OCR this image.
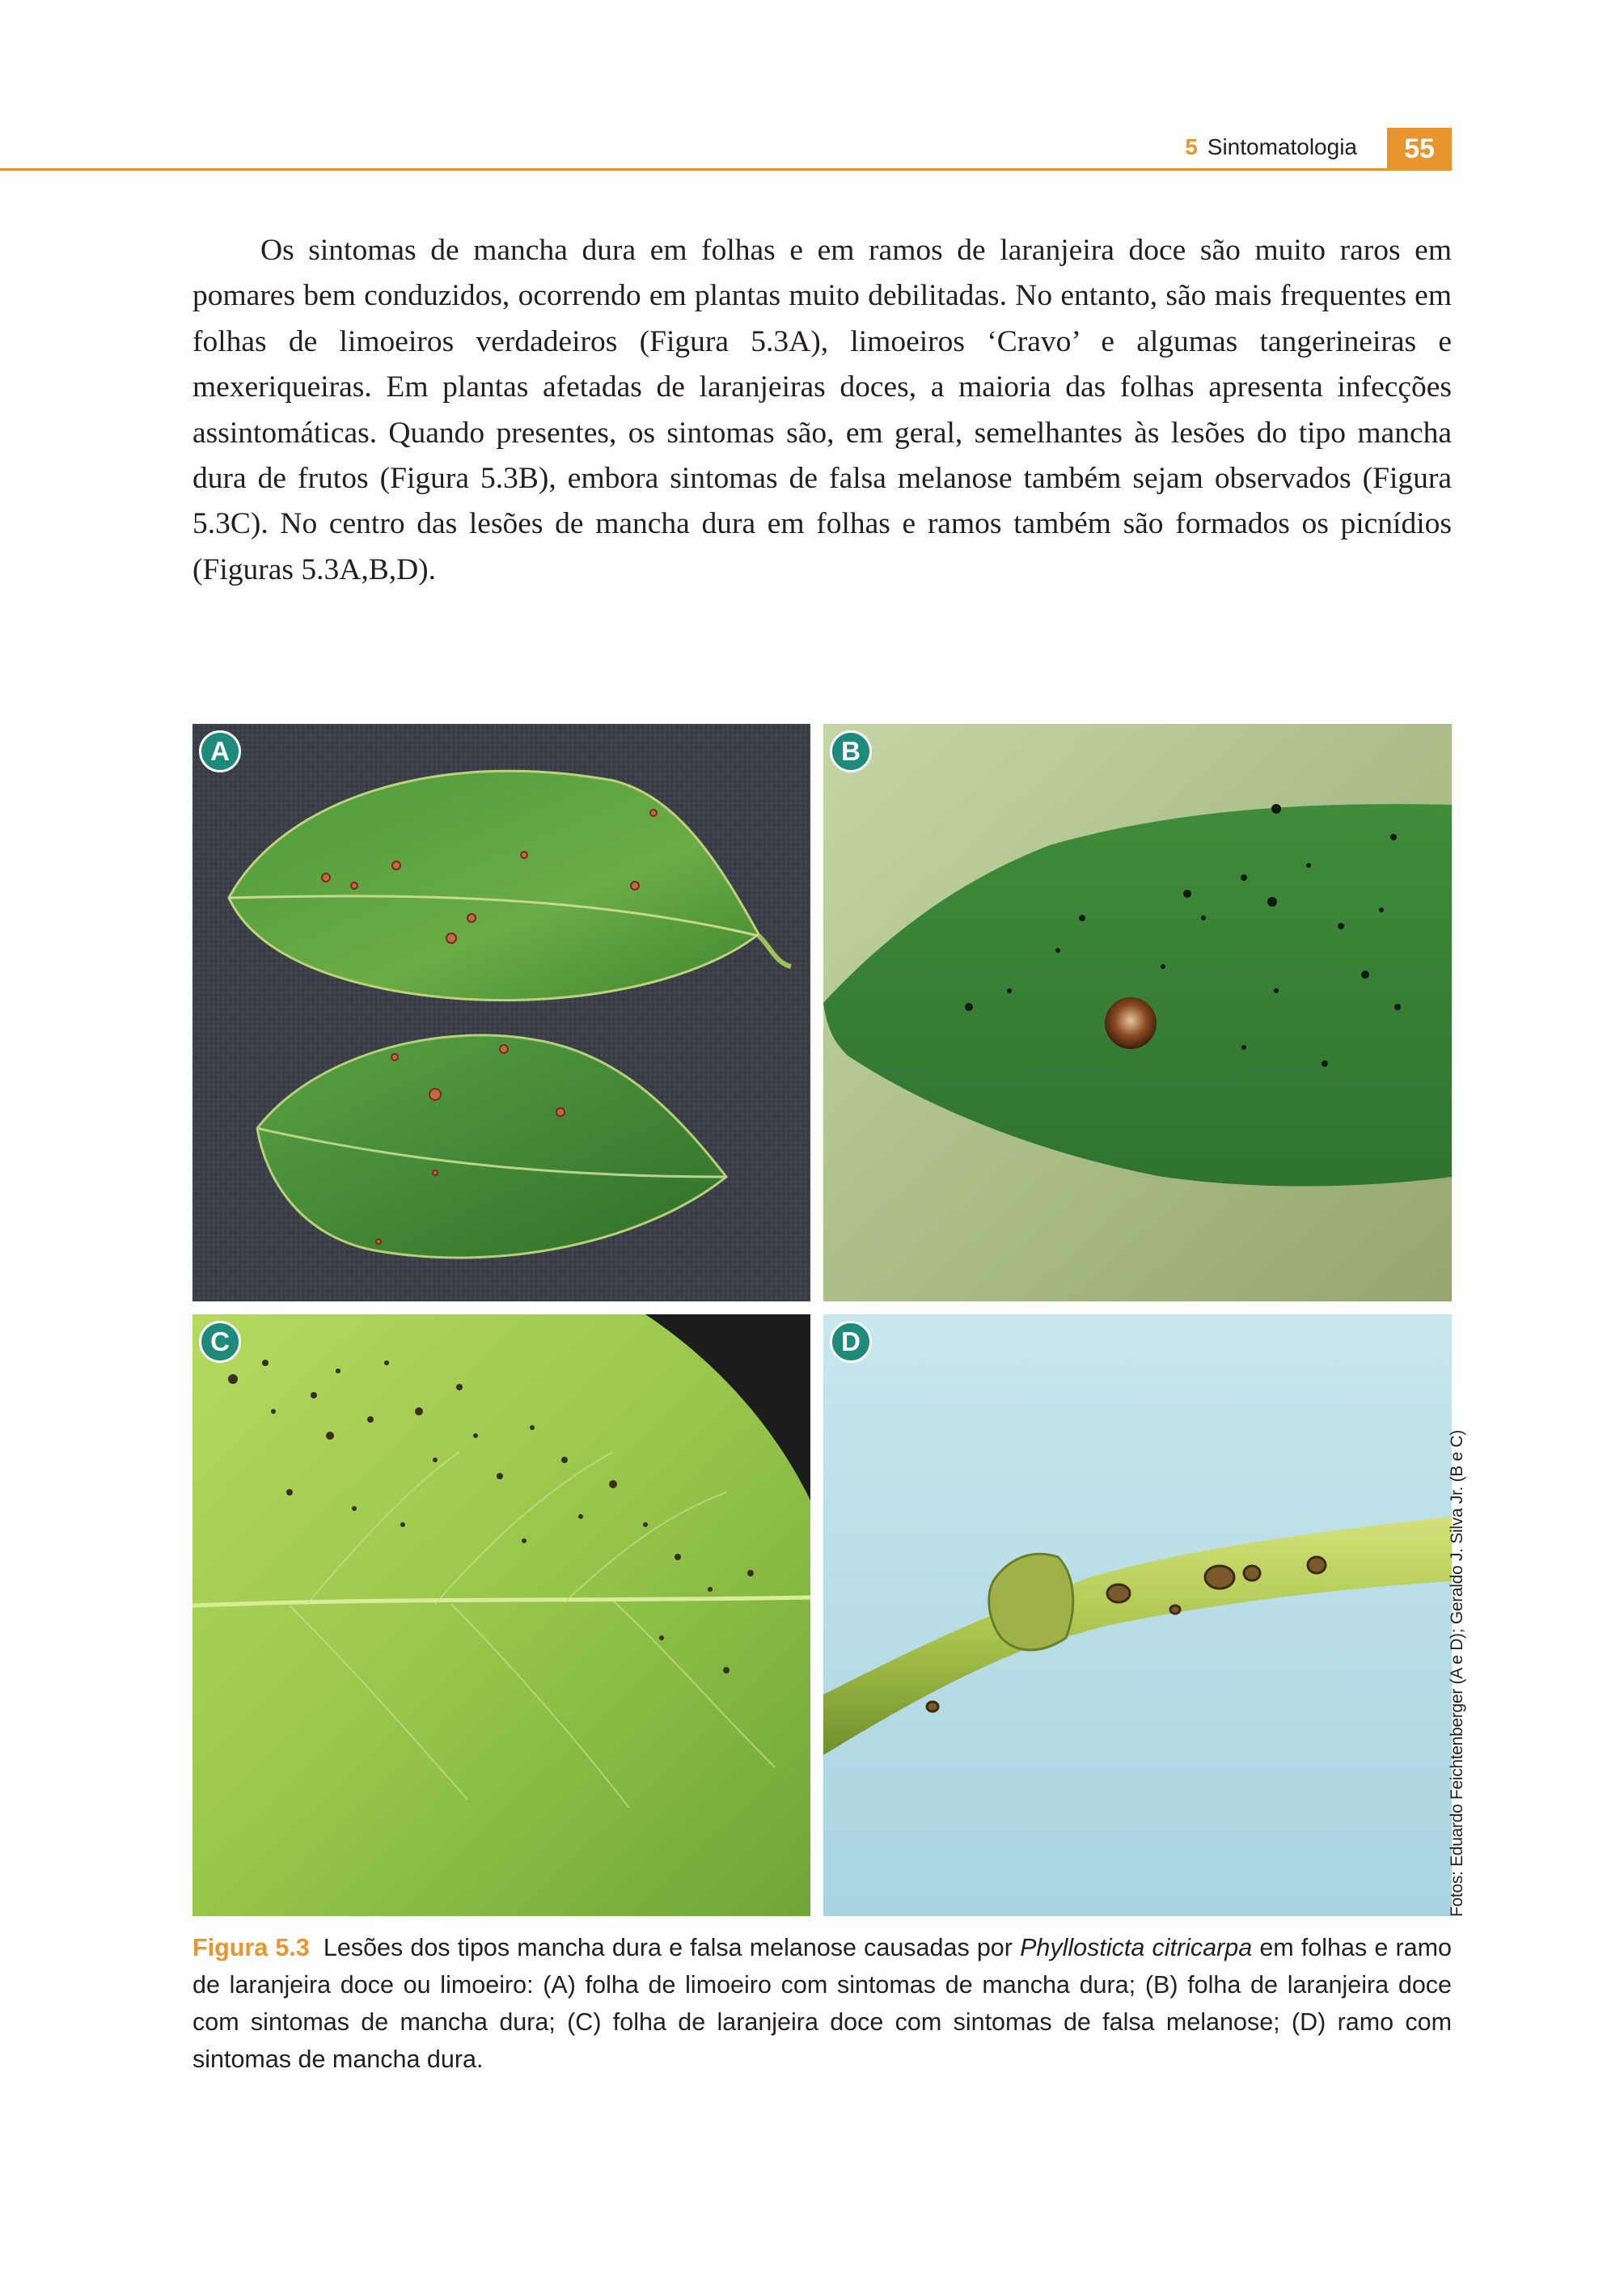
5 Sintomatologia	55

Os sintomas de mancha dura em folhas e em ramos de laranjeira doce são muito raros em pomares bem conduzidos, ocorrendo em plantas muito debilitadas. No entanto, são mais frequentes em folhas de limoeiros verdadeiros (Figura 5.3A), limoeiros ‘Cravo’ e algumas tangerineiras e mexeriqueiras. Em plantas afetadas de laranjeiras doces, a maioria das folhas apresenta infecções assintomáticas. Quando presentes, os sintomas são, em geral, semelhantes às lesões do tipo mancha dura de frutos (Figura 5.3B), embora sintomas de falsa melanose também sejam observados (Figura 5.3C). No centro das lesões de mancha dura em folhas e ramos também são formados os picnídios (Figuras 5.3A,B,D).

A	B
C	D
Fotos: Eduardo Feichtenberger (A e D); Geraldo J. Silva Jr. (B e C)
Figura 5.3 Lesões dos tipos mancha dura e falsa melanose causadas por Phyllosticta citricarpa em folhas e ramo de laranjeira doce ou limoeiro: (A) folha de limoeiro com sintomas de mancha dura; (B) folha de laranjeira doce com sintomas de mancha dura; (C) folha de laranjeira doce com sintomas de falsa melanose; (D) ramo com sintomas de mancha dura.
